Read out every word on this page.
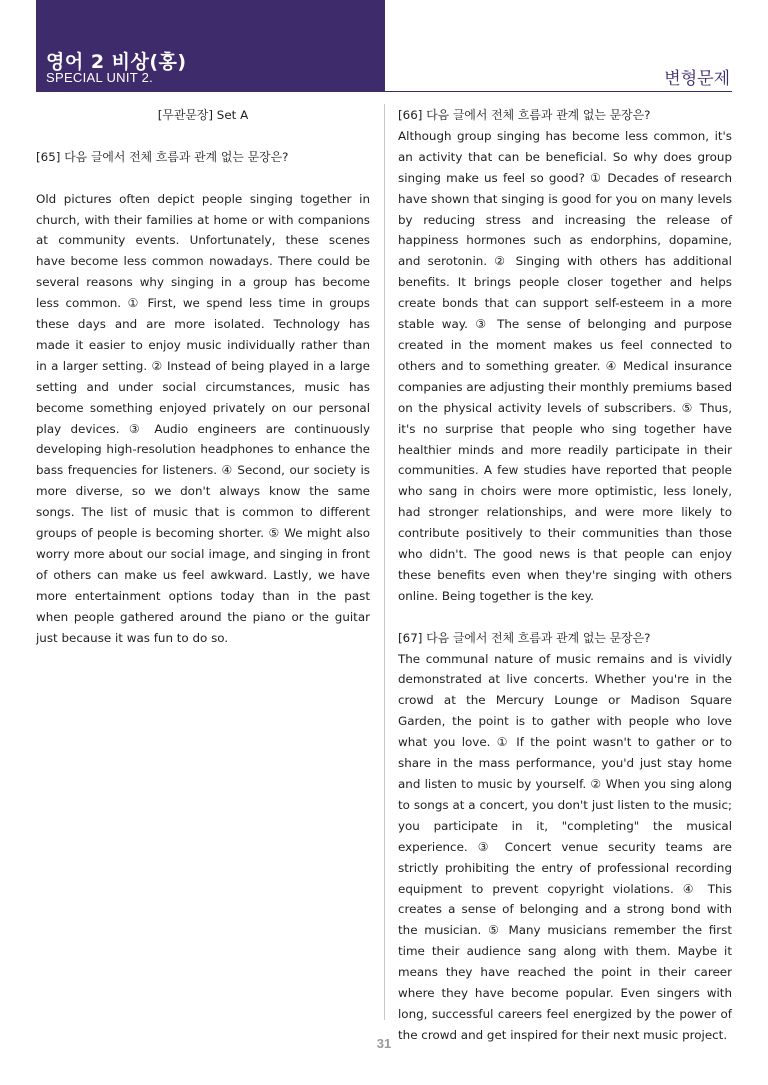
영어 2 비상(홍)
SPECIAL UNIT 2.	변형문제

[무관문장] Set A

[65] 다음 글에서 전체 흐름과 관계 없는 문장은?

Old pictures often depict people singing together in church, with their families at home or with companions at community events. Unfortunately, these scenes have become less common nowadays. There could be several reasons why singing in a group has become less common. ① First, we spend less time in groups these days and are more isolated. Technology has made it easier to enjoy music individually rather than in a larger setting. ② Instead of being played in a large setting and under social circumstances, music has become something enjoyed privately on our personal play devices. ③ Audio engineers are continuously developing high-resolution headphones to enhance the bass frequencies for listeners. ④ Second, our society is more diverse, so we don't always know the same songs. The list of music that is common to different groups of people is becoming shorter. ⑤ We might also worry more about our social image, and singing in front of others can make us feel awkward. Lastly, we have more entertainment options today than in the past when people gathered around the piano or the guitar just because it was fun to do so.

[66] 다음 글에서 전체 흐름과 관계 없는 문장은?

Although group singing has become less common, it's an activity that can be beneficial. So why does group singing make us feel so good? ① Decades of research have shown that singing is good for you on many levels by reducing stress and increasing the release of happiness hormones such as endorphins, dopamine, and serotonin. ② Singing with others has additional benefits. It brings people closer together and helps create bonds that can support self-esteem in a more stable way. ③ The sense of belonging and purpose created in the moment makes us feel connected to others and to something greater. ④ Medical insurance companies are adjusting their monthly premiums based on the physical activity levels of subscribers. ⑤ Thus, it's no surprise that people who sing together have healthier minds and more readily participate in their communities. A few studies have reported that people who sang in choirs were more optimistic, less lonely, had stronger relationships, and were more likely to contribute positively to their communities than those who didn't. The good news is that people can enjoy these benefits even when they're singing with others online. Being together is the key.

[67] 다음 글에서 전체 흐름과 관계 없는 문장은?

The communal nature of music remains and is vividly demonstrated at live concerts. Whether you're in the crowd at the Mercury Lounge or Madison Square Garden, the point is to gather with people who love what you love. ① If the point wasn't to gather or to share in the mass performance, you'd just stay home and listen to music by yourself. ② When you sing along to songs at a concert, you don't just listen to the music; you participate in it, "completing" the musical experience. ③ Concert venue security teams are strictly prohibiting the entry of professional recording equipment to prevent copyright violations. ④ This creates a sense of belonging and a strong bond with the musician. ⑤ Many musicians remember the first time their audience sang along with them. Maybe it means they have reached the point in their career where they have become popular. Even singers with long, successful careers feel energized by the power of the crowd and get inspired for their next music project.

31
